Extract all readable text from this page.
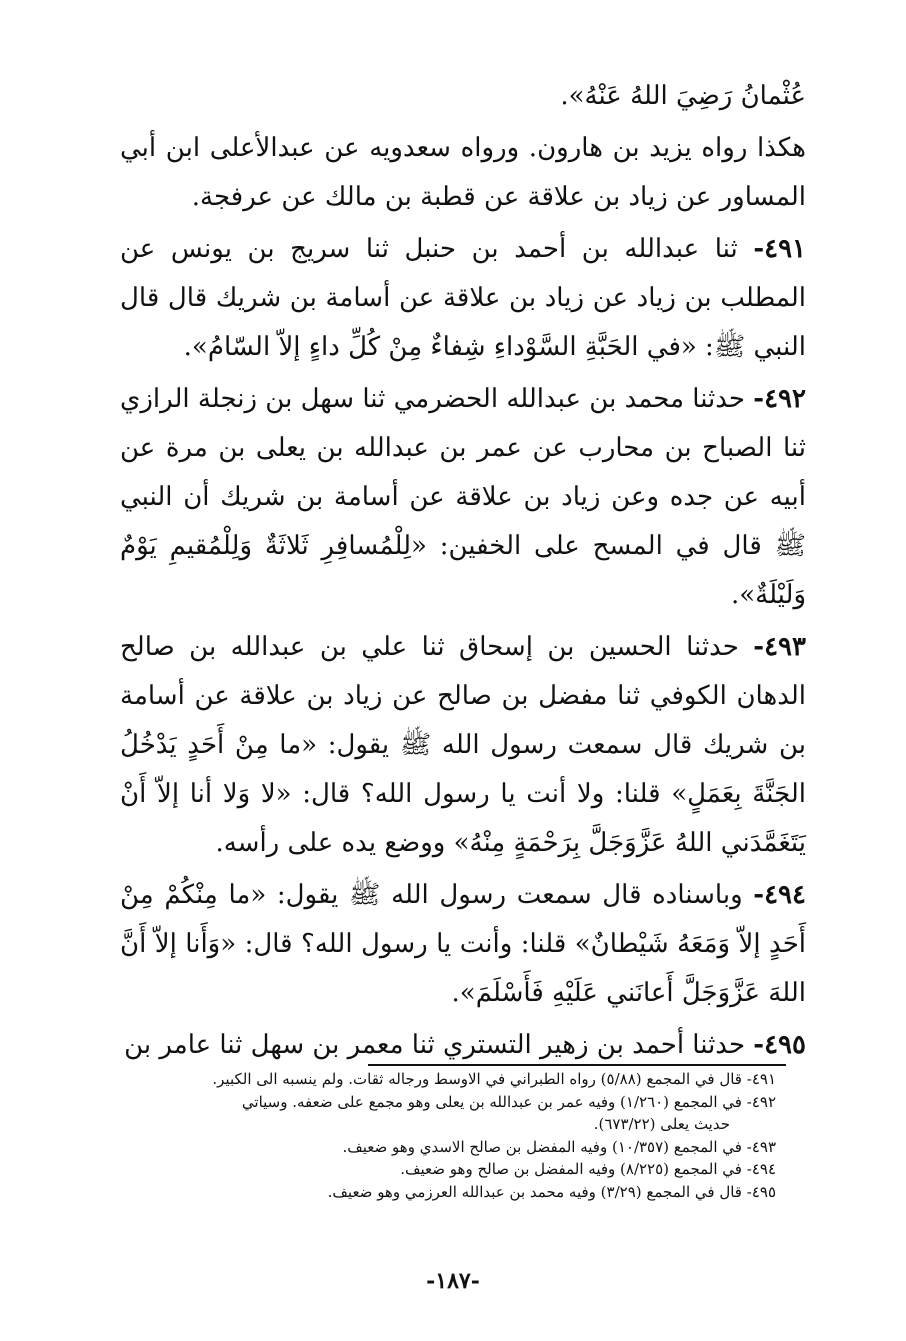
عُثْمانُ رَضِيَ اللهُ عَنْهُ».

هكذا رواه يزيد بن هارون. ورواه سعدويه عن عبدالأعلى ابن أبي المساور عن زياد بن علاقة عن قطبة بن مالك عن عرفجة.

٤٩١- ثنا عبدالله بن أحمد بن حنبل ثنا سريج بن يونس عن المطلب بن زياد عن زياد بن علاقة عن أسامة بن شريك قال قال النبي ﷺ: «في الحَبَّةِ السَّوْداءِ شِفاءٌ مِنْ كُلِّ داءٍ إلاّ السّامُ».

٤٩٢- حدثنا محمد بن عبدالله الحضرمي ثنا سهل بن زنجلة الرازي ثنا الصباح بن محارب عن عمر بن عبدالله بن يعلى بن مرة عن أبيه عن جده وعن زياد بن علاقة عن أسامة بن شريك أن النبي ﷺ قال في المسح على الخفين: «لِلْمُسافِرِ ثَلاثَةٌ وَلِلْمُقيمِ يَوْمٌ وَلَيْلَةٌ».

٤٩٣- حدثنا الحسين بن إسحاق ثنا علي بن عبدالله بن صالح الدهان الكوفي ثنا مفضل بن صالح عن زياد بن علاقة عن أسامة بن شريك قال سمعت رسول الله ﷺ يقول: «ما مِنْ أَحَدٍ يَدْخُلُ الجَنَّةَ بِعَمَلٍ» قلنا: ولا أنت يا رسول الله؟ قال: «لا وَلا أنا إلاّ أَنْ يَتَغَمَّدَني اللهُ عَزَّوَجَلَّ بِرَحْمَةٍ مِنْهُ» ووضع يده على رأسه.

٤٩٤- وباسناده قال سمعت رسول الله ﷺ يقول: «ما مِنْكُمْ مِنْ أَحَدٍ إلاّ وَمَعَهُ شَيْطانٌ» قلنا: وأنت يا رسول الله؟ قال: «وَأَنا إلاّ أَنَّ اللهَ عَزَّوَجَلَّ أَعانَني عَلَيْهِ فَأَسْلَمَ».

٤٩٥- حدثنا أحمد بن زهير التستري ثنا معمر بن سهل ثنا عامر بن

٤٩١- قال في المجمع (٥/٨٨) رواه الطبراني في الاوسط ورجاله ثقات. ولم ينسبه الى الكبير.

٤٩٢- في المجمع (١/٢٦٠) وفيه عمر بن عبدالله بن يعلى وهو مجمع على ضعفه. وسياتي

حديث يعلى (٦٧٣/٢٢).

٤٩٣- في المجمع (١٠/٣٥٧) وفيه المفضل بن صالح الاسدي وهو ضعيف.

٤٩٤- في المجمع (٨/٢٢٥) وفيه المفضل بن صالح وهو ضعيف.

٤٩٥- قال في المجمع (٣/٢٩) وفيه محمد بن عبدالله العرزمي وهو ضعيف.

-١٨٧-
